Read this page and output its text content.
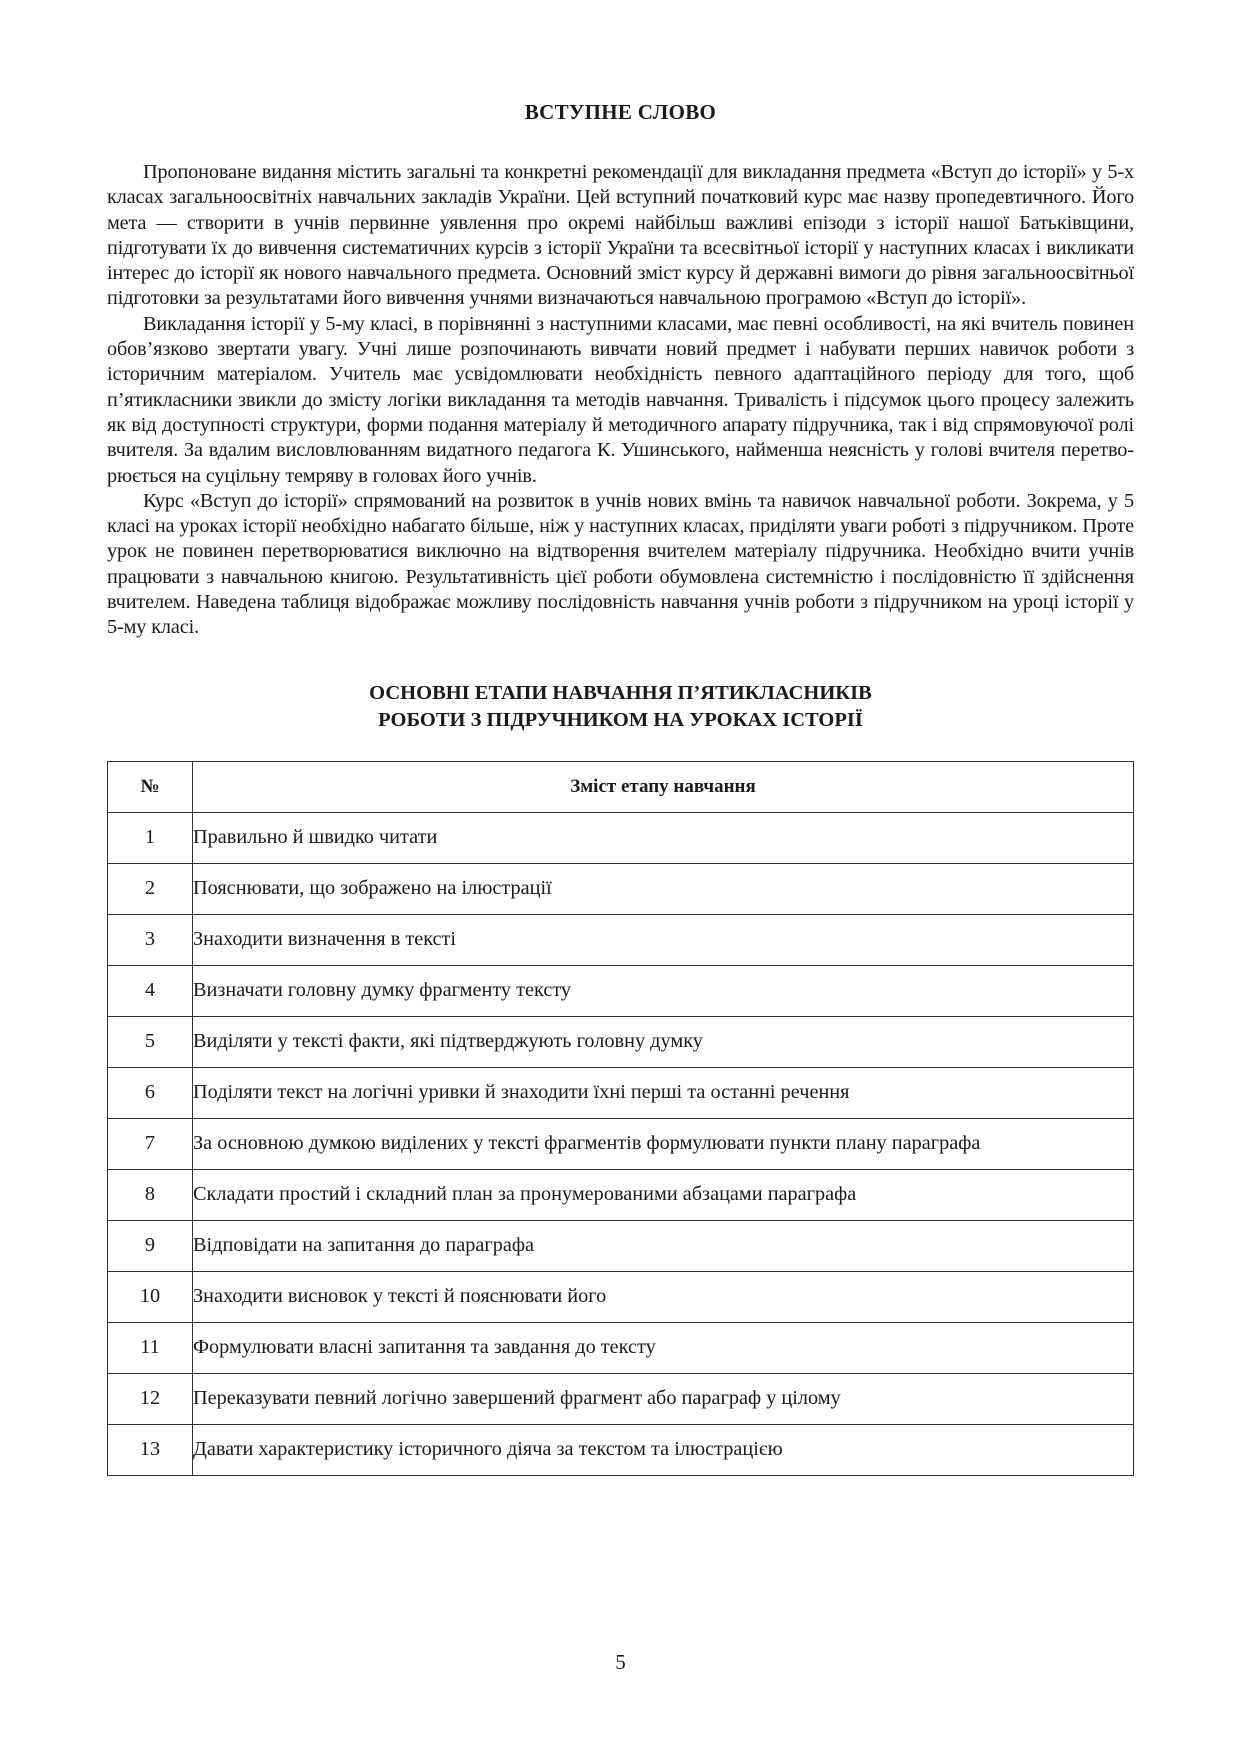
ВСТУПНЕ СЛОВО

Пропоноване видання містить загальні та конкретні рекомендації для викладання предмета «Вступ до історії» у 5-х класах загальноосвітніх навчальних закладів України. Цей вступний початковий курс має назву пропедевтичного. Його мета — створити в учнів первинне уявлення про окремі найбільш важливі епізоди з історії нашої Батьківщини, підготувати їх до вивчення систематичних курсів з історії України та всесвітньої історії у наступних класах і викликати інтерес до історії як нового навчального предмета. Основний зміст курсу й державні вимоги до рівня загальноосвітньої підготовки за результатами його вивчення учнями визначаються навчальною програмою «Вступ до історії».

Викладання історії у 5-му класі, в порівнянні з наступними класами, має певні особливості, на які вчитель повинен обов’язково звертати увагу. Учні лише розпочинають вивчати новий предмет і набувати перших навичок роботи з історичним матеріалом. Учитель має усвідомлювати необхідність певного адаптаційного періоду для того, щоб п’ятикласники звикли до змісту логіки викладання та методів навчання. Тривалість і підсумок цього процесу залежить як від доступності структури, форми подання матеріалу й методичного апарату підручника, так і від спрямовуючої ролі вчителя. За вдалим висловлюванням видатного педагога К. Ушинського, найменша неясність у голові вчителя перетворюється на суцільну темряву в головах його учнів.

Курс «Вступ до історії» спрямований на розвиток в учнів нових вмінь та навичок навчальної роботи. Зокрема, у 5 класі на уроках історії необхідно набагато більше, ніж у наступних класах, приділяти уваги роботі з підручником. Проте урок не повинен перетворюватися виключно на відтворення вчителем матеріалу підручника. Необхідно вчити учнів працювати з навчальною книгою. Результативність цієї роботи обумовлена системністю і послідовністю її здійснення вчителем. Наведена таблиця відображає можливу послідовність навчання учнів роботи з підручником на уроці історії у 5-му класі.

ОСНОВНІ ЕТАПИ НАВЧАННЯ П’ЯТИКЛАСНИКІВ
РОБОТИ З ПІДРУЧНИКОМ НА УРОКАХ ІСТОРІЇ
№	Зміст етапу навчання
1	Правильно й швидко читати
2	Пояснювати, що зображено на ілюстрації
3	Знаходити визначення в тексті
4	Визначати головну думку фрагменту тексту
5	Виділяти у тексті факти, які підтверджують головну думку
6	Поділяти текст на логічні уривки й знаходити їхні перші та останні речення
7	За основною думкою виділених у тексті фрагментів формулювати пункти плану параграфа
8	Складати простий і складний план за пронумерованими абзацами параграфа
9	Відповідати на запитання до параграфа
10	Знаходити висновок у тексті й пояснювати його
11	Формулювати власні запитання та завдання до тексту
12	Переказувати певний логічно завершений фрагмент або параграф у цілому
13	Давати характеристику історичного діяча за текстом та ілюстрацією
5
